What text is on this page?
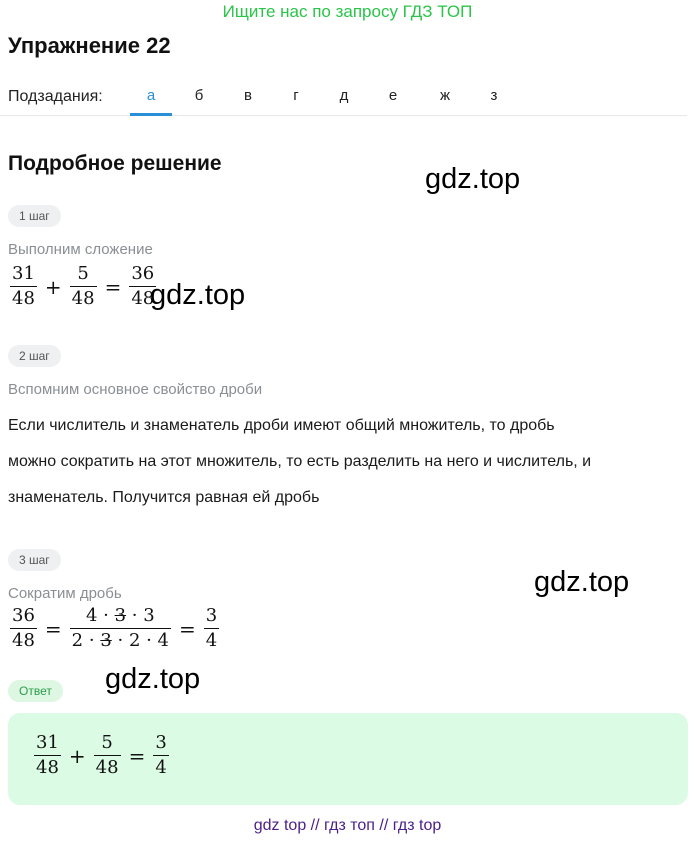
Ищите нас по запросу ГДЗ ТОП
Упражнение 22
Подзадания:	а	б	в	г	д	е	ж	з
Подробное решение	gdz.top
1 шаг
Выполним сложение
$\frac{31}{48} + \frac{5}{48} = \frac{36}{48}$
gdz.top
2 шаг
Вспомним основное свойство дроби
Если числитель и знаменатель дроби имеют общий множитель, то дробь
можно сократить на этот множитель, то есть разделить на него и числитель, и
знаменатель. Получится равная ей дробь
3 шаг
Сократим дробь	gdz.top
$\frac{36}{48} = \frac{4 \cdot 3 \cdot 3}{2 \cdot 3 \cdot 2 \cdot 4} = \frac{3}{4}$
Ответ	gdz.top
$\frac{31}{48} + \frac{5}{48} = \frac{3}{4}$
gdz top // гдз топ // гдз top
